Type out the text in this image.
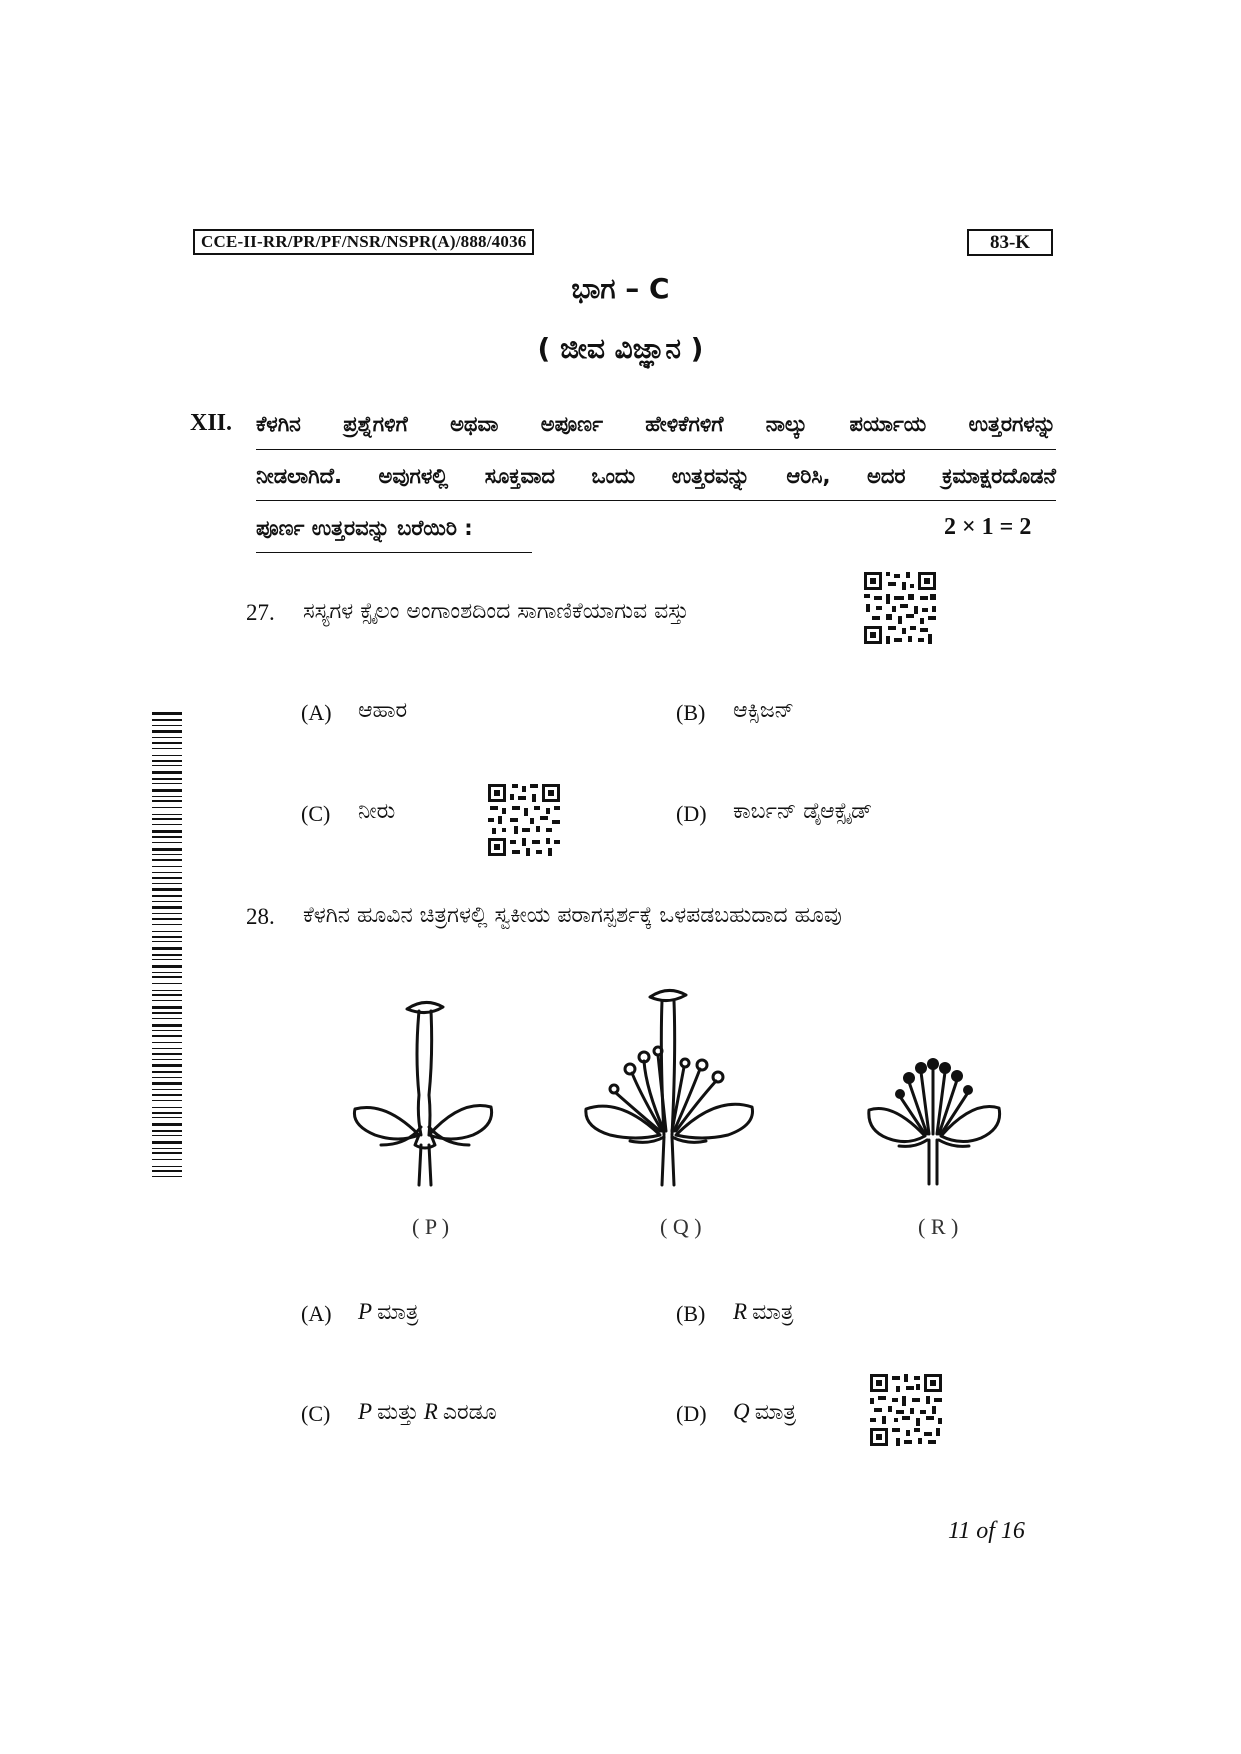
CCE-II-RR/PR/PF/NSR/NSPR(A)/888/4036	83-K
ಭಾಗ – C
( ಜೀವ ವಿಜ್ಞಾನ )
XII. ಕೆಳಗಿನ ಪ್ರಶ್ನೆಗಳಿಗೆ ಅಥವಾ ಅಪೂರ್ಣ ಹೇಳಿಕೆಗಳಿಗೆ ನಾಲ್ಕು ಪರ್ಯಾಯ ಉತ್ತರಗಳನ್ನು
ನೀಡಲಾಗಿದೆ. ಅವುಗಳಲ್ಲಿ ಸೂಕ್ತವಾದ ಒಂದು ಉತ್ತರವನ್ನು ಆರಿಸಿ, ಅದರ ಕ್ರಮಾಕ್ಷರದೊಡನೆ
ಪೂರ್ಣ ಉತ್ತರವನ್ನು ಬರೆಯಿರಿ :	2 × 1 = 2
27. ಸಸ್ಯಗಳ ಕ್ಸೈಲಂ ಅಂಗಾಂಶದಿಂದ ಸಾಗಾಣಿಕೆಯಾಗುವ ವಸ್ತು
(A) ಆಹಾರ	(B) ಆಕ್ಸಿಜನ್
(C) ನೀರು	(D) ಕಾರ್ಬನ್ ಡೈಆಕ್ಸೈಡ್
28. ಕೆಳಗಿನ ಹೂವಿನ ಚಿತ್ರಗಳಲ್ಲಿ ಸ್ವಕೀಯ ಪರಾಗಸ್ಪರ್ಶಕ್ಕೆ ಒಳಪಡಬಹುದಾದ ಹೂವು
( P )	( Q )	( R )
(A) P ಮಾತ್ರ	(B) R ಮಾತ್ರ
(C) P ಮತ್ತು R ಎರಡೂ	(D) Q ಮಾತ್ರ
11 of 16
